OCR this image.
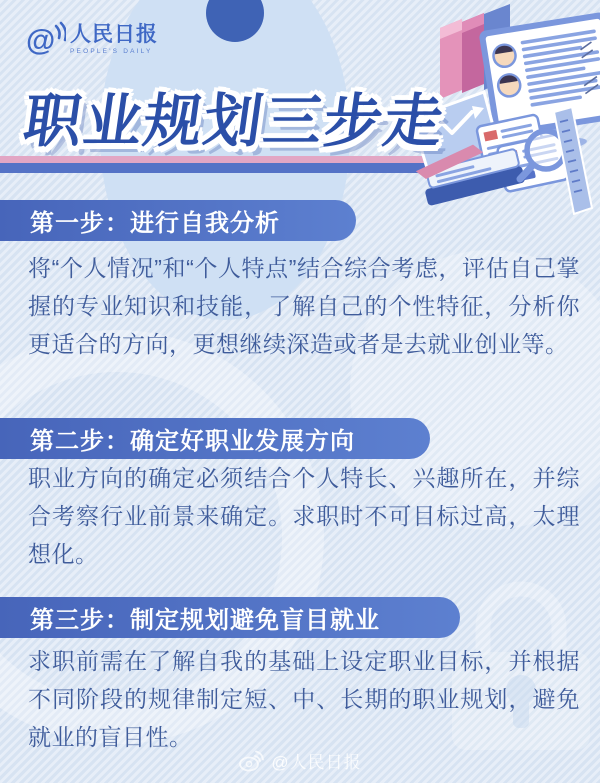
@ 人民日报
PEOPLE'S DAILY
职业规划三步走
第一步：进行自我分析

将“个人情况”和“个人特点”结合综合考虑，评估自己掌握的专业知识和技能，了解自己的个性特征，分析你更适合的方向，更想继续深造或者是去就业创业等。

第二步：确定好职业发展方向

职业方向的确定必须结合个人特长、兴趣所在，并综合考察行业前景来确定。求职时不可目标过高，太理想化。

第三步：制定规划避免盲目就业

求职前需在了解自我的基础上设定职业目标，并根据不同阶段的规律制定短、中、长期的职业规划，避免就业的盲目性。

@人民日报
